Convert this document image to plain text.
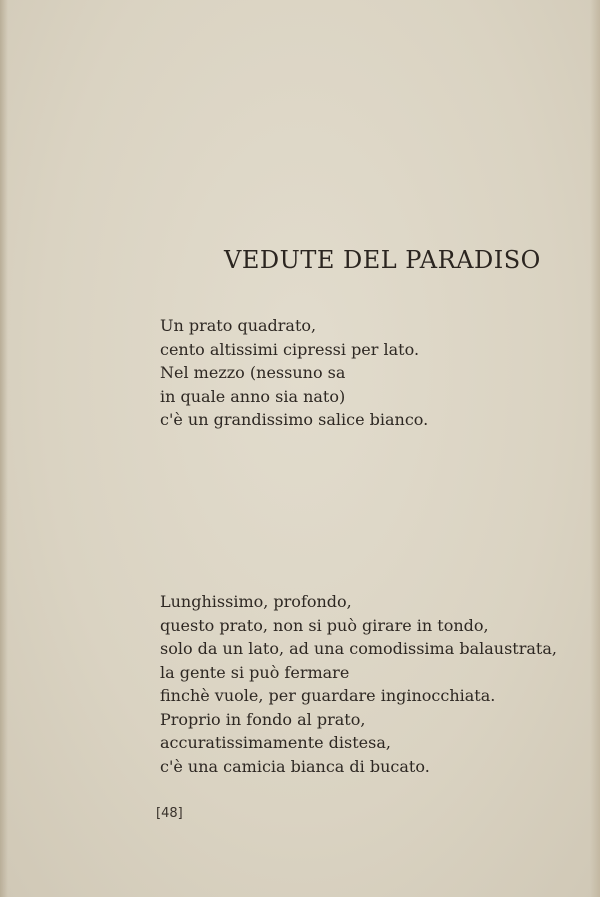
VEDUTE DEL PARADISO
Un prato quadrato,
cento altissimi cipressi per lato.
Nel mezzo (nessuno sa
in quale anno sia nato)
c'è un grandissimo salice bianco.
Lunghissimo, profondo,
questo prato, non si può girare in tondo,
solo da un lato, ad una comodissima balaustrata,
la gente si può fermare
finchè vuole, per guardare inginocchiata.
Proprio in fondo al prato,
accuratissimamente distesa,
c'è una camicia bianca di bucato.
[48]
